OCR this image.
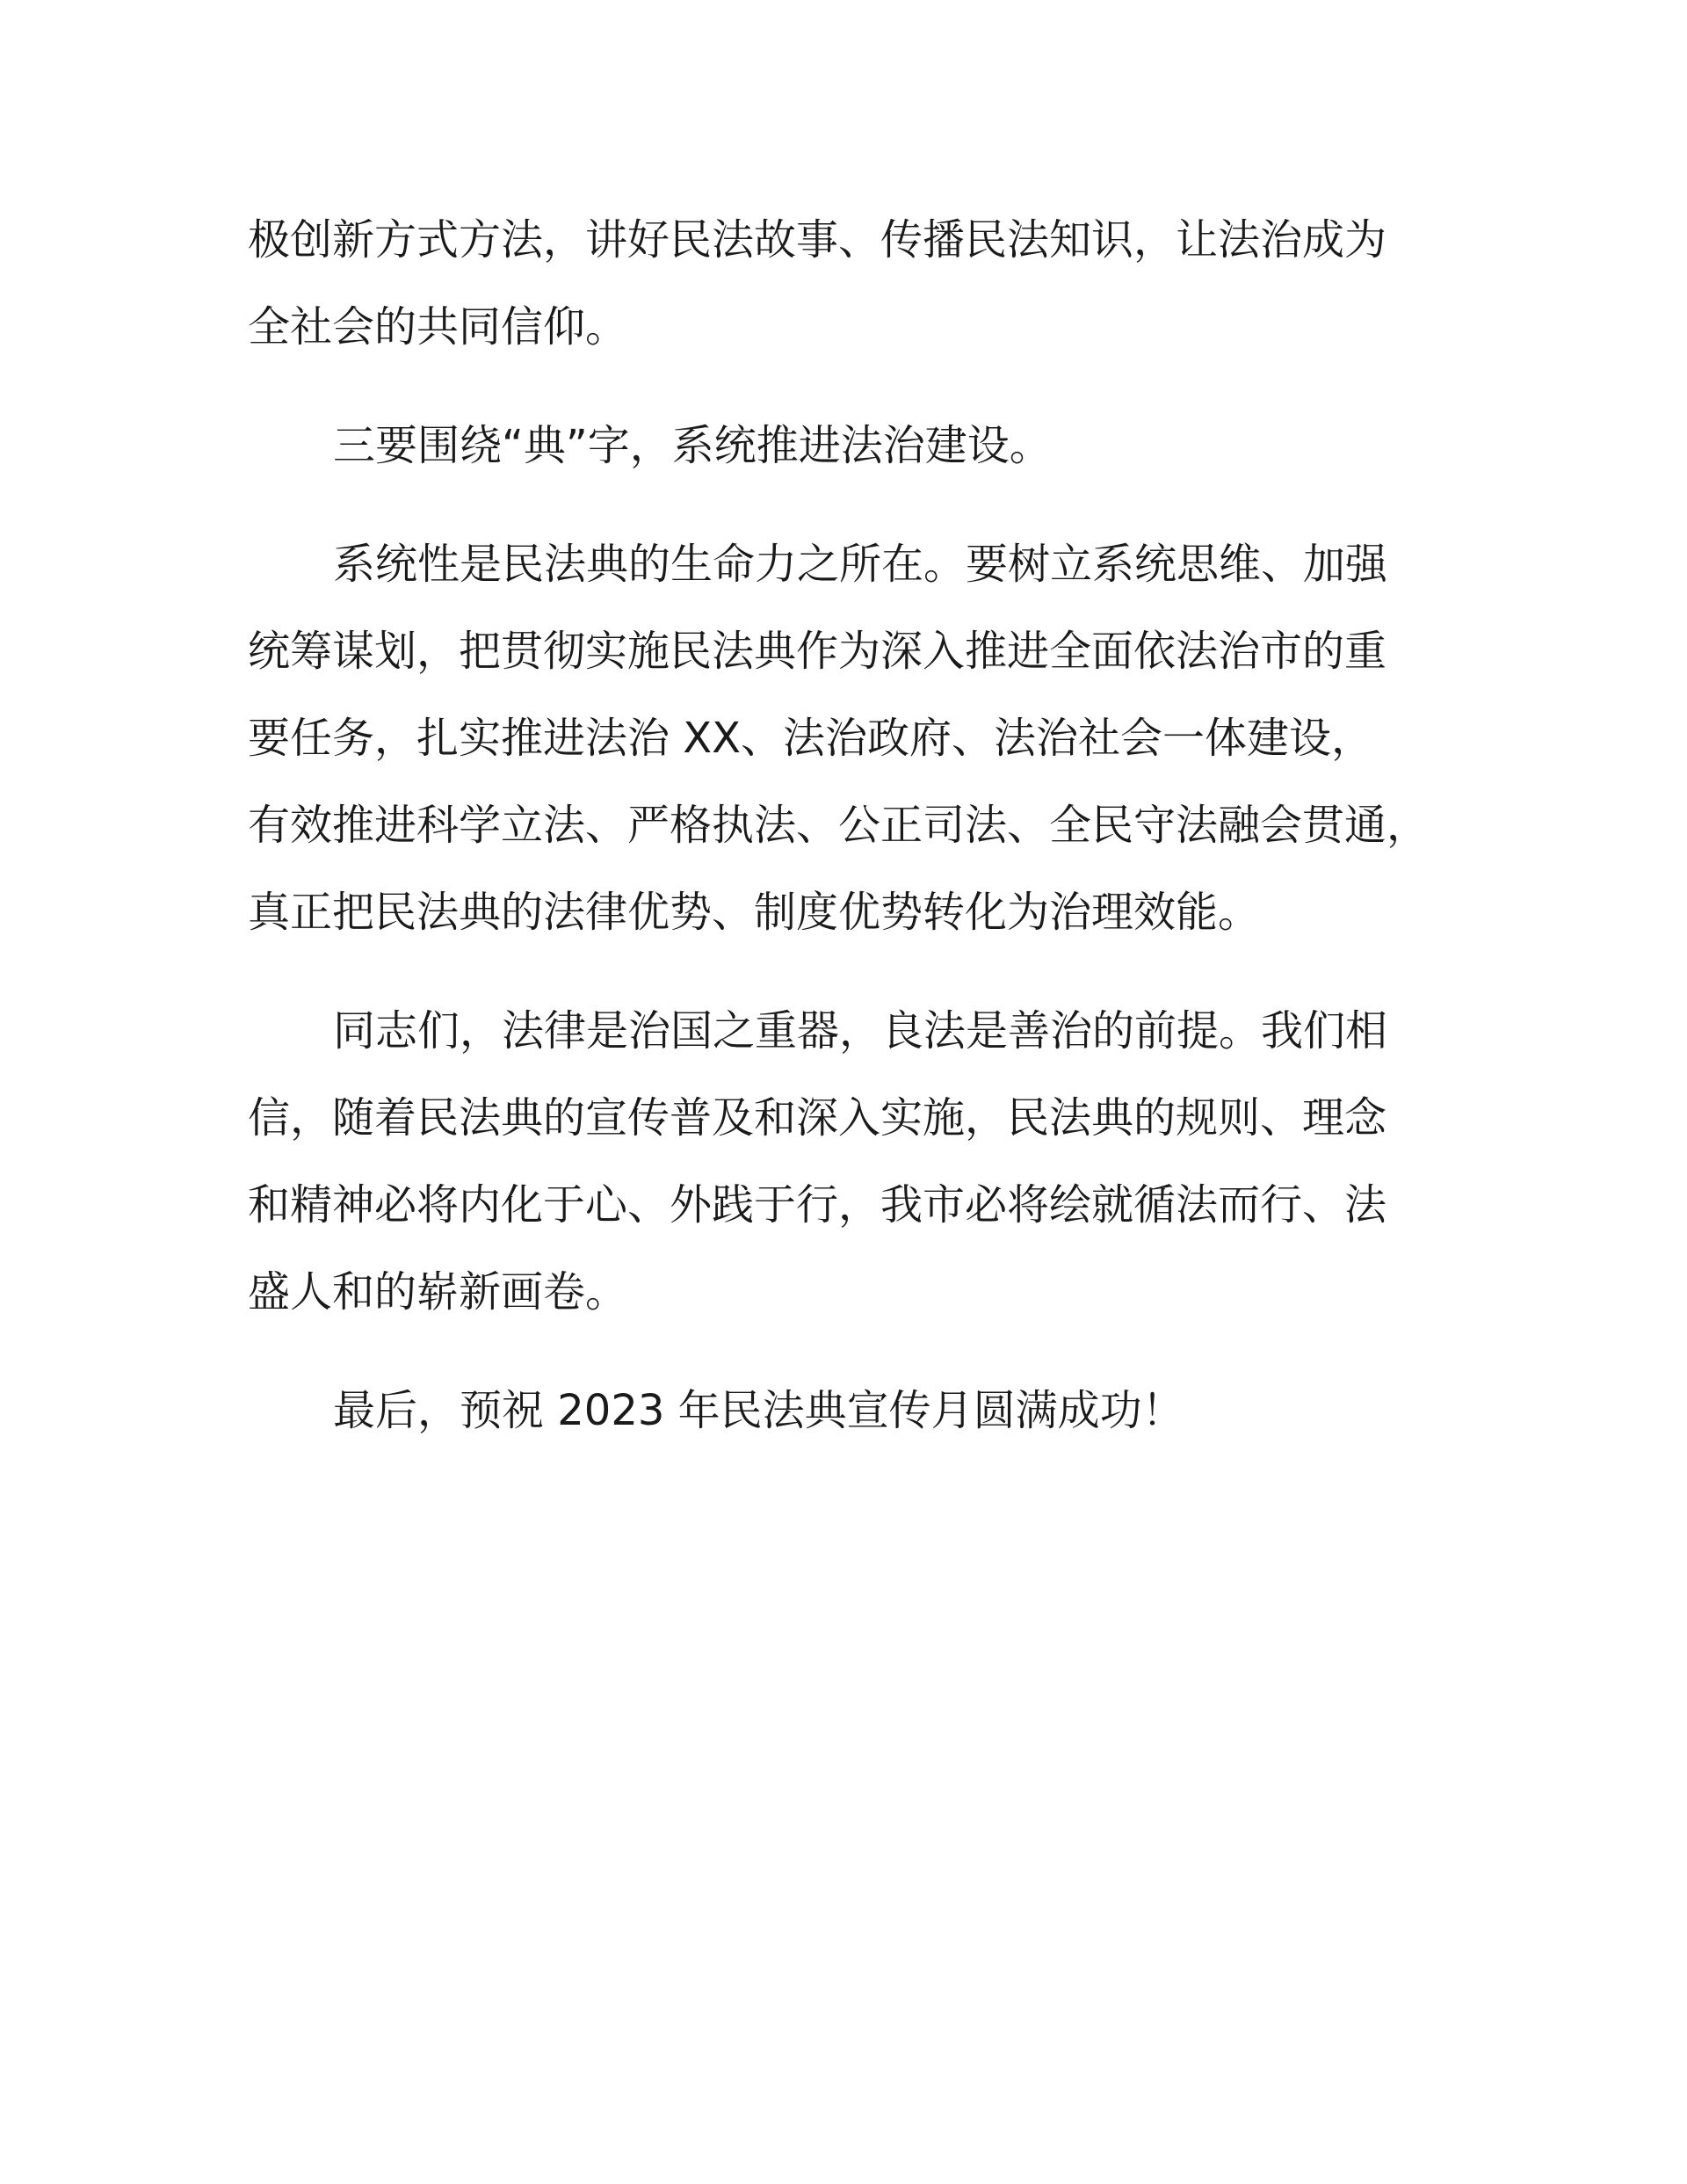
极创新方式方法，讲好民法故事、传播民法知识，让法治成为
全社会的共同信仰。
三要围绕“典”字，系统推进法治建设。
系统性是民法典的生命力之所在。要树立系统思维、加强
统筹谋划，把贯彻实施民法典作为深入推进全面依法治市的重
要任务，扎实推进法治 XX、法治政府、法治社会一体建设，
有效推进科学立法、严格执法、公正司法、全民守法融会贯通，
真正把民法典的法律优势、制度优势转化为治理效能。
同志们，法律是治国之重器，良法是善治的前提。我们相
信，随着民法典的宣传普及和深入实施，民法典的规则、理念
和精神必将内化于心、外践于行，我市必将绘就循法而行、法
盛人和的崭新画卷。
最后，预祝 2023 年民法典宣传月圆满成功！
